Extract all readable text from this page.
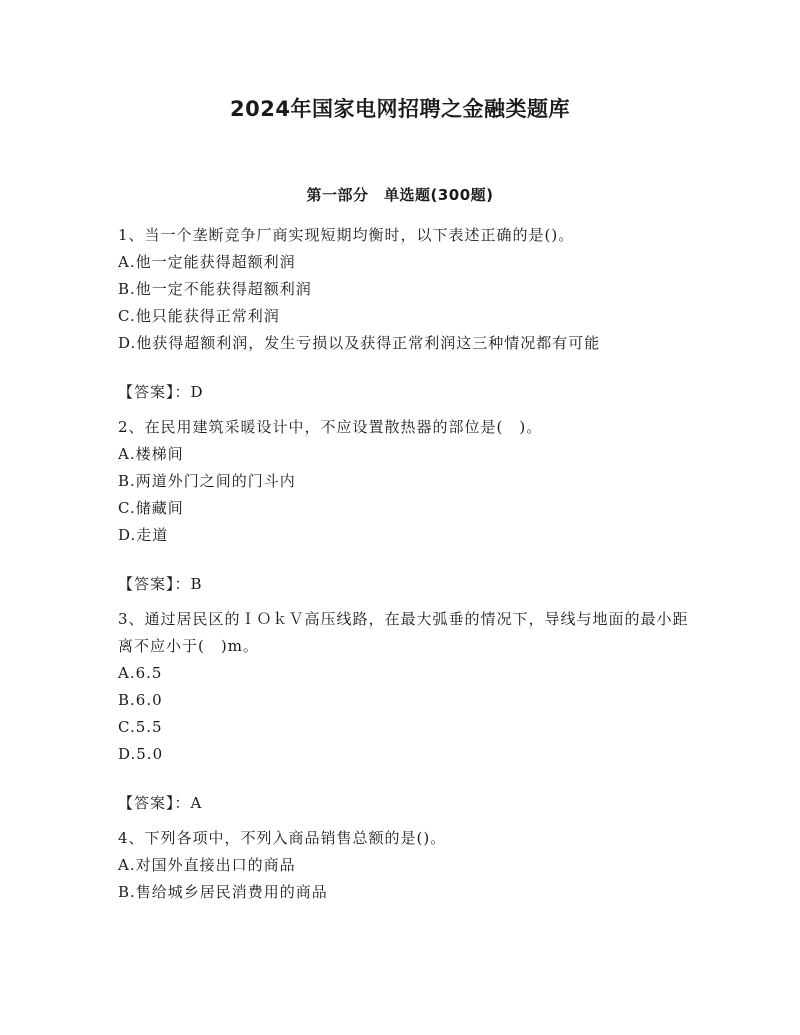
2024年国家电网招聘之金融类题库
第一部分　单选题(300题)
1、当一个垄断竞争厂商实现短期均衡时，以下表述正确的是()。
A.他一定能获得超额利润
B.他一定不能获得超额利润
C.他只能获得正常利润
D.他获得超额利润，发生亏损以及获得正常利润这三种情况都有可能
【答案】：D
2、在民用建筑采暖设计中，不应设置散热器的部位是(　)。
A.楼梯间
B.两道外门之间的门斗内
C.储藏间
D.走道
【答案】：B
3、通过居民区的ＩＯｋＶ高压线路，在最大弧垂的情况下，导线与地面的最小距离不应小于(　)m。
A.6.5
B.6.0
C.5.5
D.5.0
【答案】：A
4、下列各项中，不列入商品销售总额的是()。
A.对国外直接出口的商品
B.售给城乡居民消费用的商品
